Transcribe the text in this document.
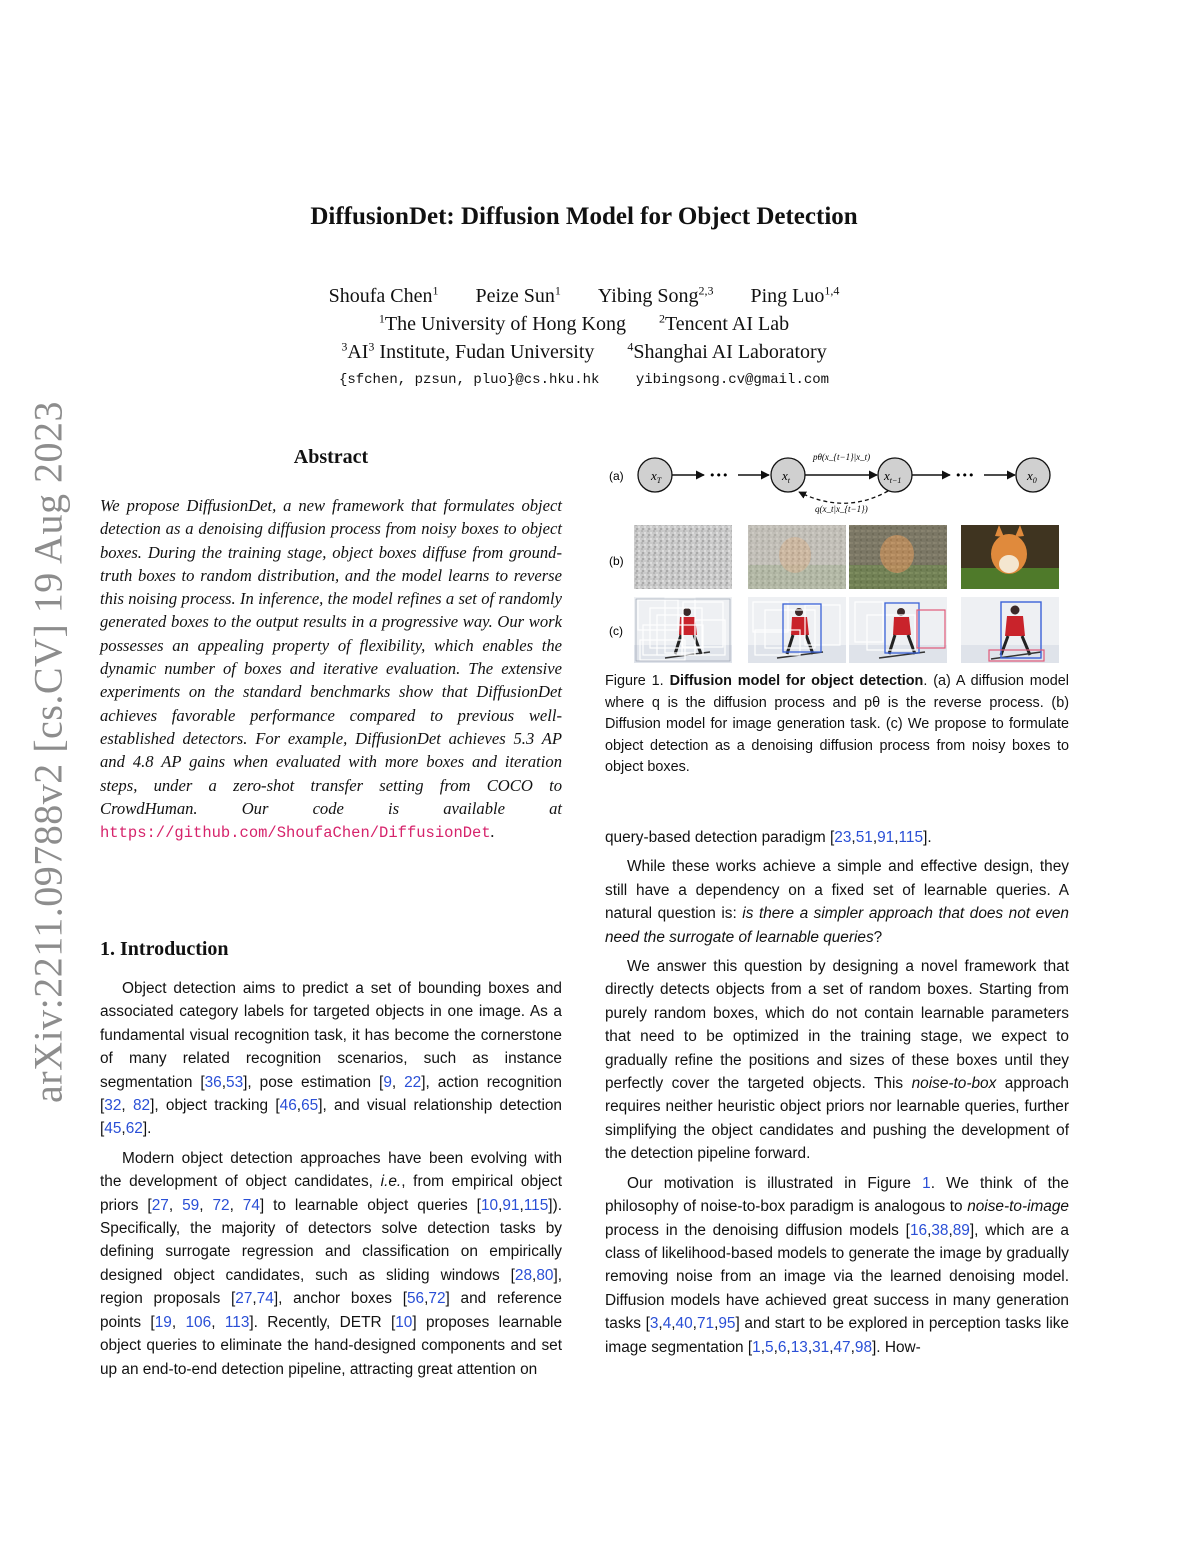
arXiv:2211.09788v2 [cs.CV] 19 Aug 2023
DiffusionDet: Diffusion Model for Object Detection
Shoufa Chen$^1$ Peize Sun$^1$ Yibing Song$^{2,3}$ Ping Luo$^{1,4}$
$^1$The University of Hong Kong	$^2$Tencent AI Lab
$^3AI^3$ Institute, Fudan University	$^4$Shanghai AI Laboratory
{sfchen, pzsun, pluo}@cs.hku.hk	yibingsong.cv@gmail.com
Abstract
We propose DiffusionDet, a new framework that formulates object detection as a denoising diffusion process from noisy boxes to object boxes. During the training stage, object boxes diffuse from ground-truth boxes to random distribution, and the model learns to reverse this noising process. In inference, the model refines a set of randomly generated boxes to the output results in a progressive way. Our work possesses an appealing property of flexibility, which enables the dynamic number of boxes and iterative evaluation. The extensive experiments on the standard benchmarks show that DiffusionDet achieves favorable performance compared to previous well-established detectors. For example, DiffusionDet achieves 5.3 AP and 4.8 AP gains when evaluated with more boxes and iteration steps, under a zero-shot transfer setting from COCO to CrowdHuman. Our code is available at https://github.com/ShoufaChen/DiffusionDet.
1. Introduction

Object detection aims to predict a set of bounding boxes and associated category labels for targeted objects in one image. As a fundamental visual recognition task, it has become the cornerstone of many related recognition scenarios, such as instance segmentation [36,53], pose estimation [9, 22], action recognition [32, 82], object tracking [46,65], and visual relationship detection [45,62].

Modern object detection approaches have been evolving with the development of object candidates, i.e., from empirical object priors [27, 59, 72, 74] to learnable object queries [10,91,115]). Specifically, the majority of detectors solve detection tasks by defining surrogate regression and classification on empirically designed object candidates, such as sliding windows [28,80], region proposals [27,74], anchor boxes [56,72] and reference points [19, 106, 113]. Recently, DETR [10] proposes learnable object queries to eliminate the hand-designed components and set up an end-to-end detection pipeline, attracting great attention on

(a)
(b)
(c)
$x_T$	•••	$x_t$
pθ(x_{t−1}|x_t)
$x_{t-1}$
q(x_t|x_{t−1})
•••	$x_0$
Figure 1. Diffusion model for object detection. (a) A diffusion model where q is the diffusion process and pθ is the reverse process. (b) Diffusion model for image generation task. (c) We propose to formulate object detection as a denoising diffusion process from noisy boxes to object boxes.

query-based detection paradigm [23,51,91,115].

While these works achieve a simple and effective design, they still have a dependency on a fixed set of learnable queries. A natural question is: is there a simpler approach that does not even need the surrogate of learnable queries?

We answer this question by designing a novel framework that directly detects objects from a set of random boxes. Starting from purely random boxes, which do not contain learnable parameters that need to be optimized in the training stage, we expect to gradually refine the positions and sizes of these boxes until they perfectly cover the targeted objects. This noise-to-box approach requires neither heuristic object priors nor learnable queries, further simplifying the object candidates and pushing the development of the detection pipeline forward.

Our motivation is illustrated in Figure 1. We think of the philosophy of noise-to-box paradigm is analogous to noise-to-image process in the denoising diffusion models [16,38,89], which are a class of likelihood-based models to generate the image by gradually removing noise from an image via the learned denoising model. Diffusion models have achieved great success in many generation tasks [3,4,40,71,95] and start to be explored in perception tasks like image segmentation [1,5,6,13,31,47,98]. How-
